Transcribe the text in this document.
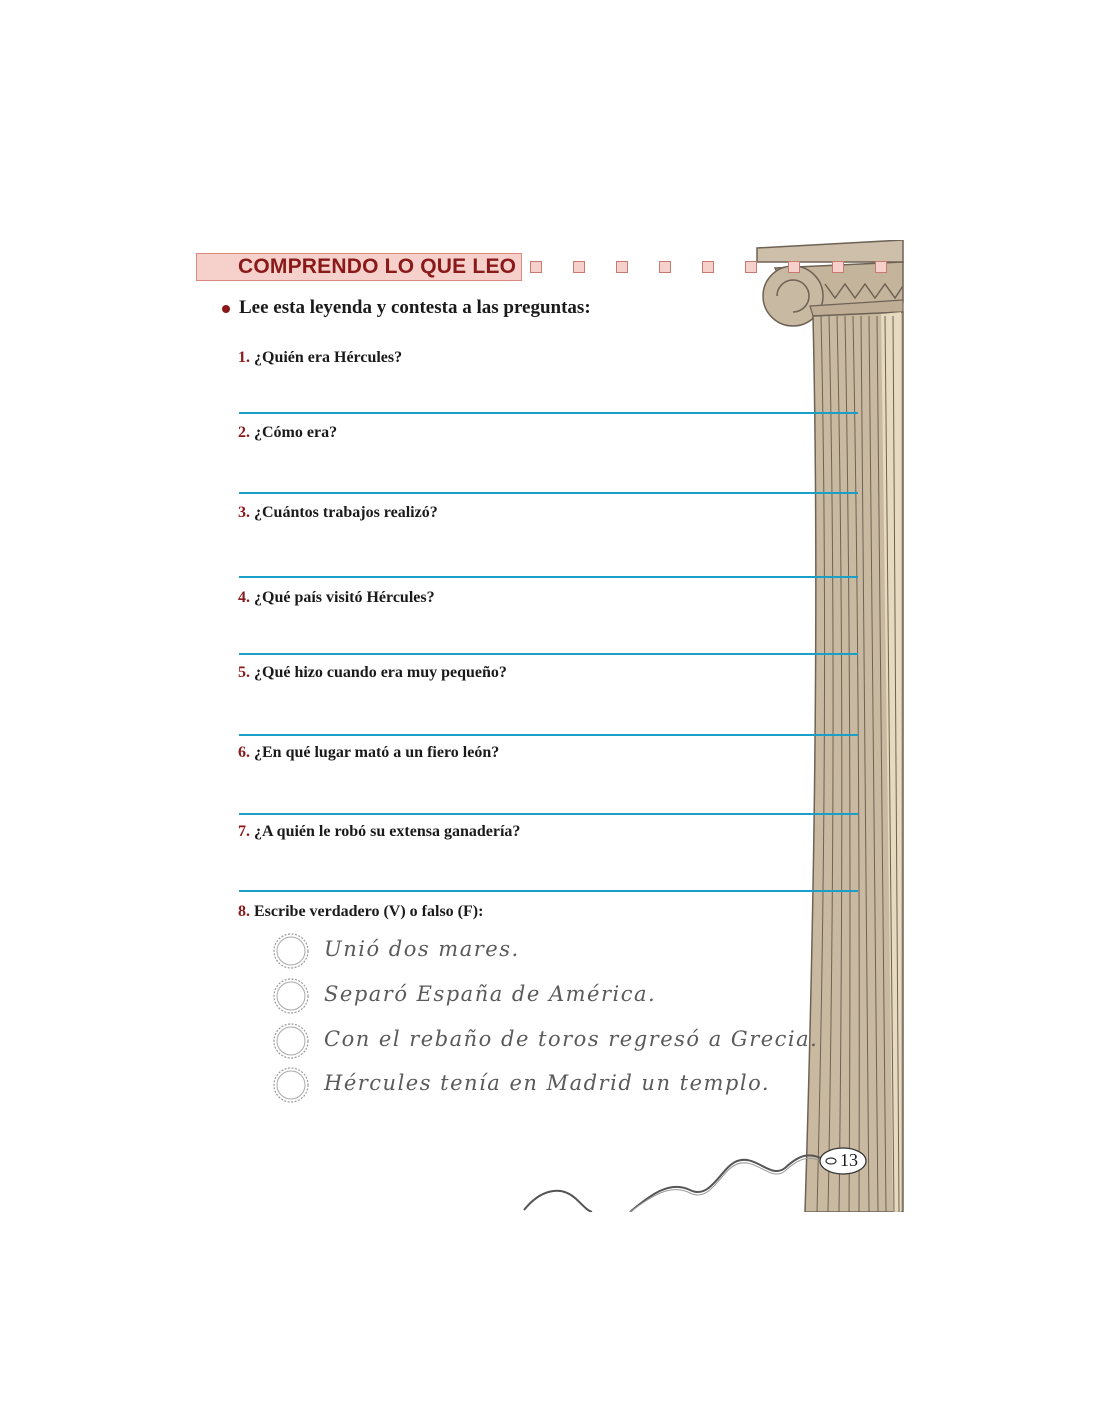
13
COMPRENDO LO QUE LEO
Lee esta leyenda y contesta a las preguntas:
1. ¿Quién era Hércules?
2. ¿Cómo era?
3. ¿Cuántos trabajos realizó?
4. ¿Qué país visitó Hércules?
5. ¿Qué hizo cuando era muy pequeño?
6. ¿En qué lugar mató a un fiero león?
7. ¿A quién le robó su extensa ganadería?
8. Escribe verdadero (V) o falso (F):
Unió dos mares.
Separó España de América.
Con el rebaño de toros regresó a Grecia.
Hércules tenía en Madrid un templo.
